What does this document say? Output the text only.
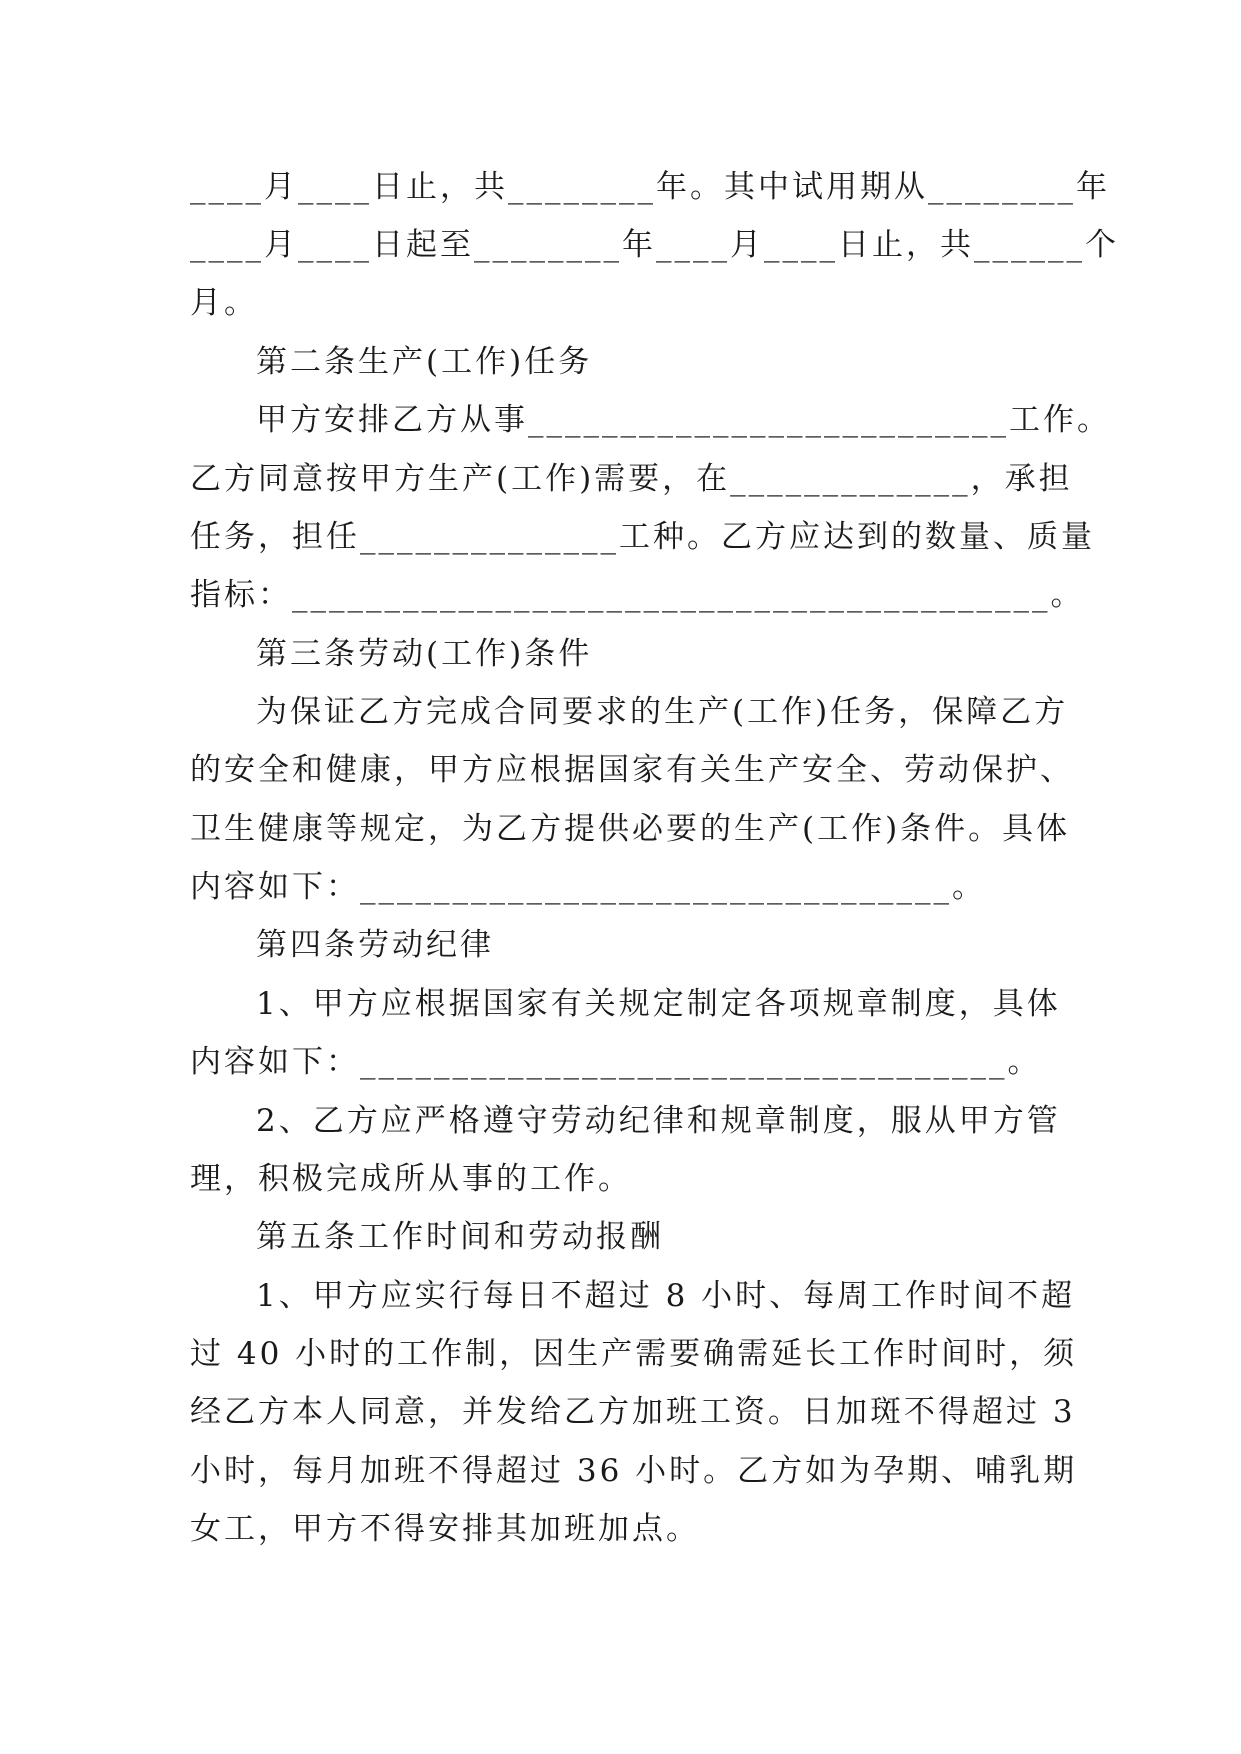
____月____日止，共________年。其中试用期从________年
____月____日起至________年____月____日止，共______个
月。
第二条生产(工作)任务
甲方安排乙方从事__________________________工作。
乙方同意按甲方生产(工作)需要，在_____________，承担
任务，担任______________工种。乙方应达到的数量、质量
指标：_________________________________________。
第三条劳动(工作)条件
为保证乙方完成合同要求的生产(工作)任务，保障乙方
的安全和健康，甲方应根据国家有关生产安全、劳动保护、
卫生健康等规定，为乙方提供必要的生产(工作)条件。具体
内容如下：________________________________。
第四条劳动纪律
1、甲方应根据国家有关规定制定各项规章制度，具体
内容如下：___________________________________。
2、乙方应严格遵守劳动纪律和规章制度，服从甲方管
理，积极完成所从事的工作。
第五条工作时间和劳动报酬
1、甲方应实行每日不超过 8 小时、每周工作时间不超
过 40 小时的工作制，因生产需要确需延长工作时间时，须
经乙方本人同意，并发给乙方加班工资。日加斑不得超过 3
小时，每月加班不得超过 36 小时。乙方如为孕期、哺乳期
女工，甲方不得安排其加班加点。
